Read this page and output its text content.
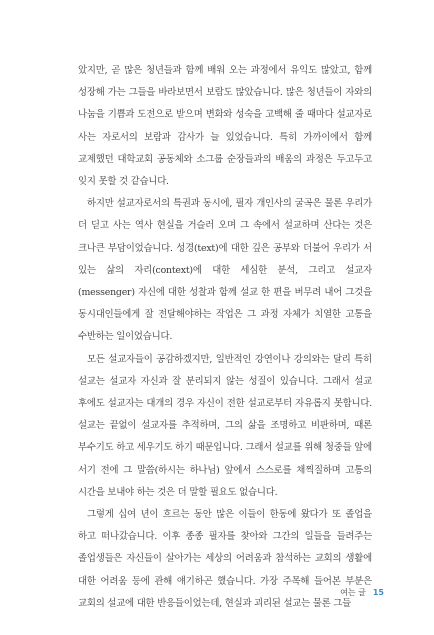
았지만, 곧 많은 청년들과 함께 배워 오는 과정에서 유익도 많았고, 함께 성장해 가는 그들을 바라보면서 보람도 많았습니다. 많은 청년들이 자와의 나눔을 기쁨과 도전으로 받으며 변화와 성숙을 고백해 줄 때마다 설교자로 사는 자로서의 보람과 감사가 늘 있었습니다. 특히 가까이에서 함께 교제했던 대학교회 공동체와 소그룹 순장들과의 배움의 과정은 두고두고 잊지 못할 것 같습니다.

하지만 설교자로서의 특권과 동시에, 필자 개인사의 굴곡은 물론 우리가 더 딛고 사는 역사 현실을 거슬러 오며 그 속에서 설교하며 산다는 것은 크나큰 부담이었습니다. 성경(text)에 대한 깊은 공부와 더불어 우리가 서 있는 삶의 자리(context)에 대한 세심한 분석, 그리고 설교자(messenger) 자신에 대한 성찰과 함께 설교 한 편을 버무려 내어 그것을 동시대인들에게 잘 전달해야하는 작업은 그 과정 자체가 치열한 고통을 수반하는 일이었습니다.

모든 설교자들이 공감하겠지만, 일반적인 강연이나 강의와는 달리 특히 설교는 설교자 자신과 잘 분리되지 않는 성질이 있습니다. 그래서 설교 후에도 설교자는 대개의 경우 자신이 전한 설교로부터 자유롭지 못합니다. 설교는 끝없이 설교자를 추적하며, 그의 삶을 조명하고 비판하며, 때론 부수기도 하고 세우기도 하기 때문입니다. 그래서 설교를 위해 청중들 앞에 서기 전에 그 말씀(하시는 하나님) 앞에서 스스로를 채찍질하며 고통의 시간을 보내야 하는 것은 더 말할 필요도 없습니다.

그렇게 십여 년이 흐르는 동안 많은 이들이 한동에 왔다가 또 졸업을 하고 떠나갔습니다. 이후 종종 필자를 찾아와 그간의 일들을 들려주는 졸업생들은 자신들이 살아가는 세상의 어려움과 참석하는 교회의 생활에 대한 어려움 등에 관해 얘기하곤 했습니다. 가장 주목해 들어본 부분은 교회의 설교에 대한 반응들이었는데, 현실과 괴리된 설교는 물론 그들

여는 글 15
